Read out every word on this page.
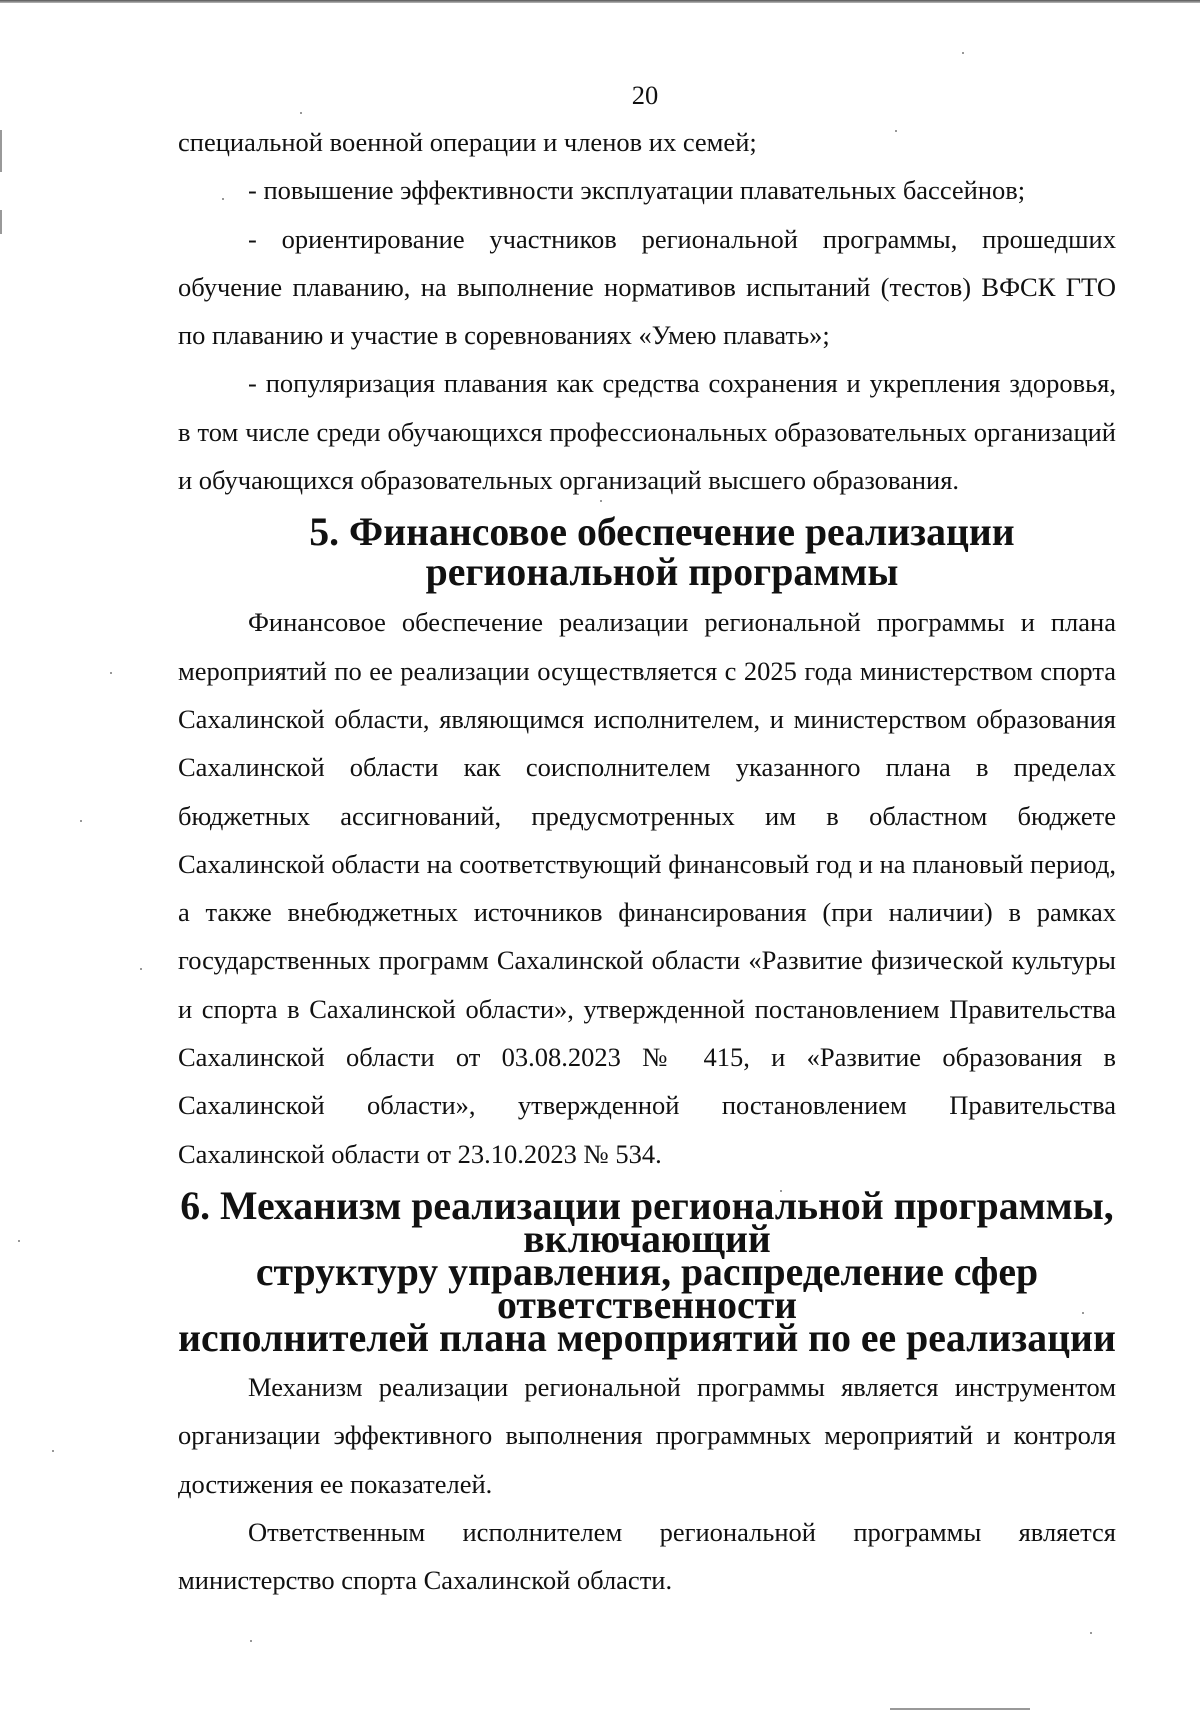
20

специальной военной операции и членов их семей;

- повышение эффективности эксплуатации плавательных бассейнов;

- ориентирование участников региональной программы, прошедших обучение плаванию, на выполнение нормативов испытаний (тестов) ВФСК ГТО по плаванию и участие в соревнованиях «Умею плавать»;

- популяризация плавания как средства сохранения и укрепления здоровья, в том числе среди обучающихся профессиональных образовательных организаций и обучающихся образовательных организаций высшего образования.

5. Финансовое обеспечение реализации региональной программы

Финансовое обеспечение реализации региональной программы и плана мероприятий по ее реализации осуществляется с 2025 года министерством спорта Сахалинской области, являющимся исполнителем, и министерством образования Сахалинской области как соисполнителем указанного плана в пределах бюджетных ассигнований, предусмотренных им в областном бюджете Сахалинской области на соответствующий финансовый год и на плановый период, а также внебюджетных источников финансирования (при наличии) в рамках государственных программ Сахалинской области «Развитие физической культуры и спорта в Сахалинской области», утвержденной постановлением Правительства Сахалинской области от 03.08.2023 № 415, и «Развитие образования в Сахалинской области», утвержденной постановлением Правительства Сахалинской области от 23.10.2023 № 534.

6. Механизм реализации региональной программы, включающий
структуру управления, распределение сфер ответственности
исполнителей плана мероприятий по ее реализации

Механизм реализации региональной программы является инструментом организации эффективного выполнения программных мероприятий и контроля достижения ее показателей.

Ответственным исполнителем региональной программы является министерство спорта Сахалинской области.
